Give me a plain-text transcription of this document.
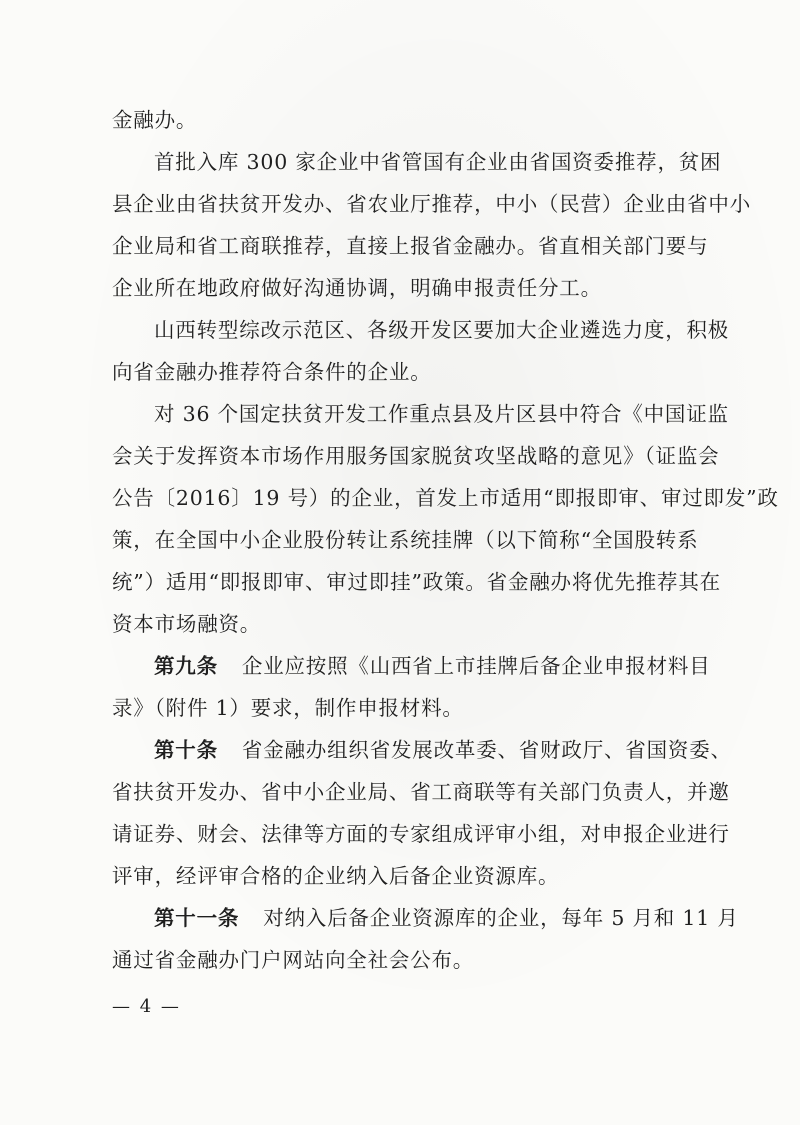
金融办。
首批入库 300 家企业中省管国有企业由省国资委推荐，贫困
县企业由省扶贫开发办、省农业厅推荐，中小（民营）企业由省中小
企业局和省工商联推荐，直接上报省金融办。省直相关部门要与
企业所在地政府做好沟通协调，明确申报责任分工。
山西转型综改示范区、各级开发区要加大企业遴选力度，积极
向省金融办推荐符合条件的企业。
对 36 个国定扶贫开发工作重点县及片区县中符合《中国证监
会关于发挥资本市场作用服务国家脱贫攻坚战略的意见》（证监会
公告〔2016〕19 号）的企业，首发上市适用“即报即审、审过即发”政
策，在全国中小企业股份转让系统挂牌（以下简称“全国股转系
统”）适用“即报即审、审过即挂”政策。省金融办将优先推荐其在
资本市场融资。
第九条 企业应按照《山西省上市挂牌后备企业申报材料目
录》（附件 1）要求，制作申报材料。
第十条 省金融办组织省发展改革委、省财政厅、省国资委、
省扶贫开发办、省中小企业局、省工商联等有关部门负责人，并邀
请证券、财会、法律等方面的专家组成评审小组，对申报企业进行
评审，经评审合格的企业纳入后备企业资源库。
第十一条 对纳入后备企业资源库的企业，每年 5 月和 11 月
通过省金融办门户网站向全社会公布。
— 4 —
